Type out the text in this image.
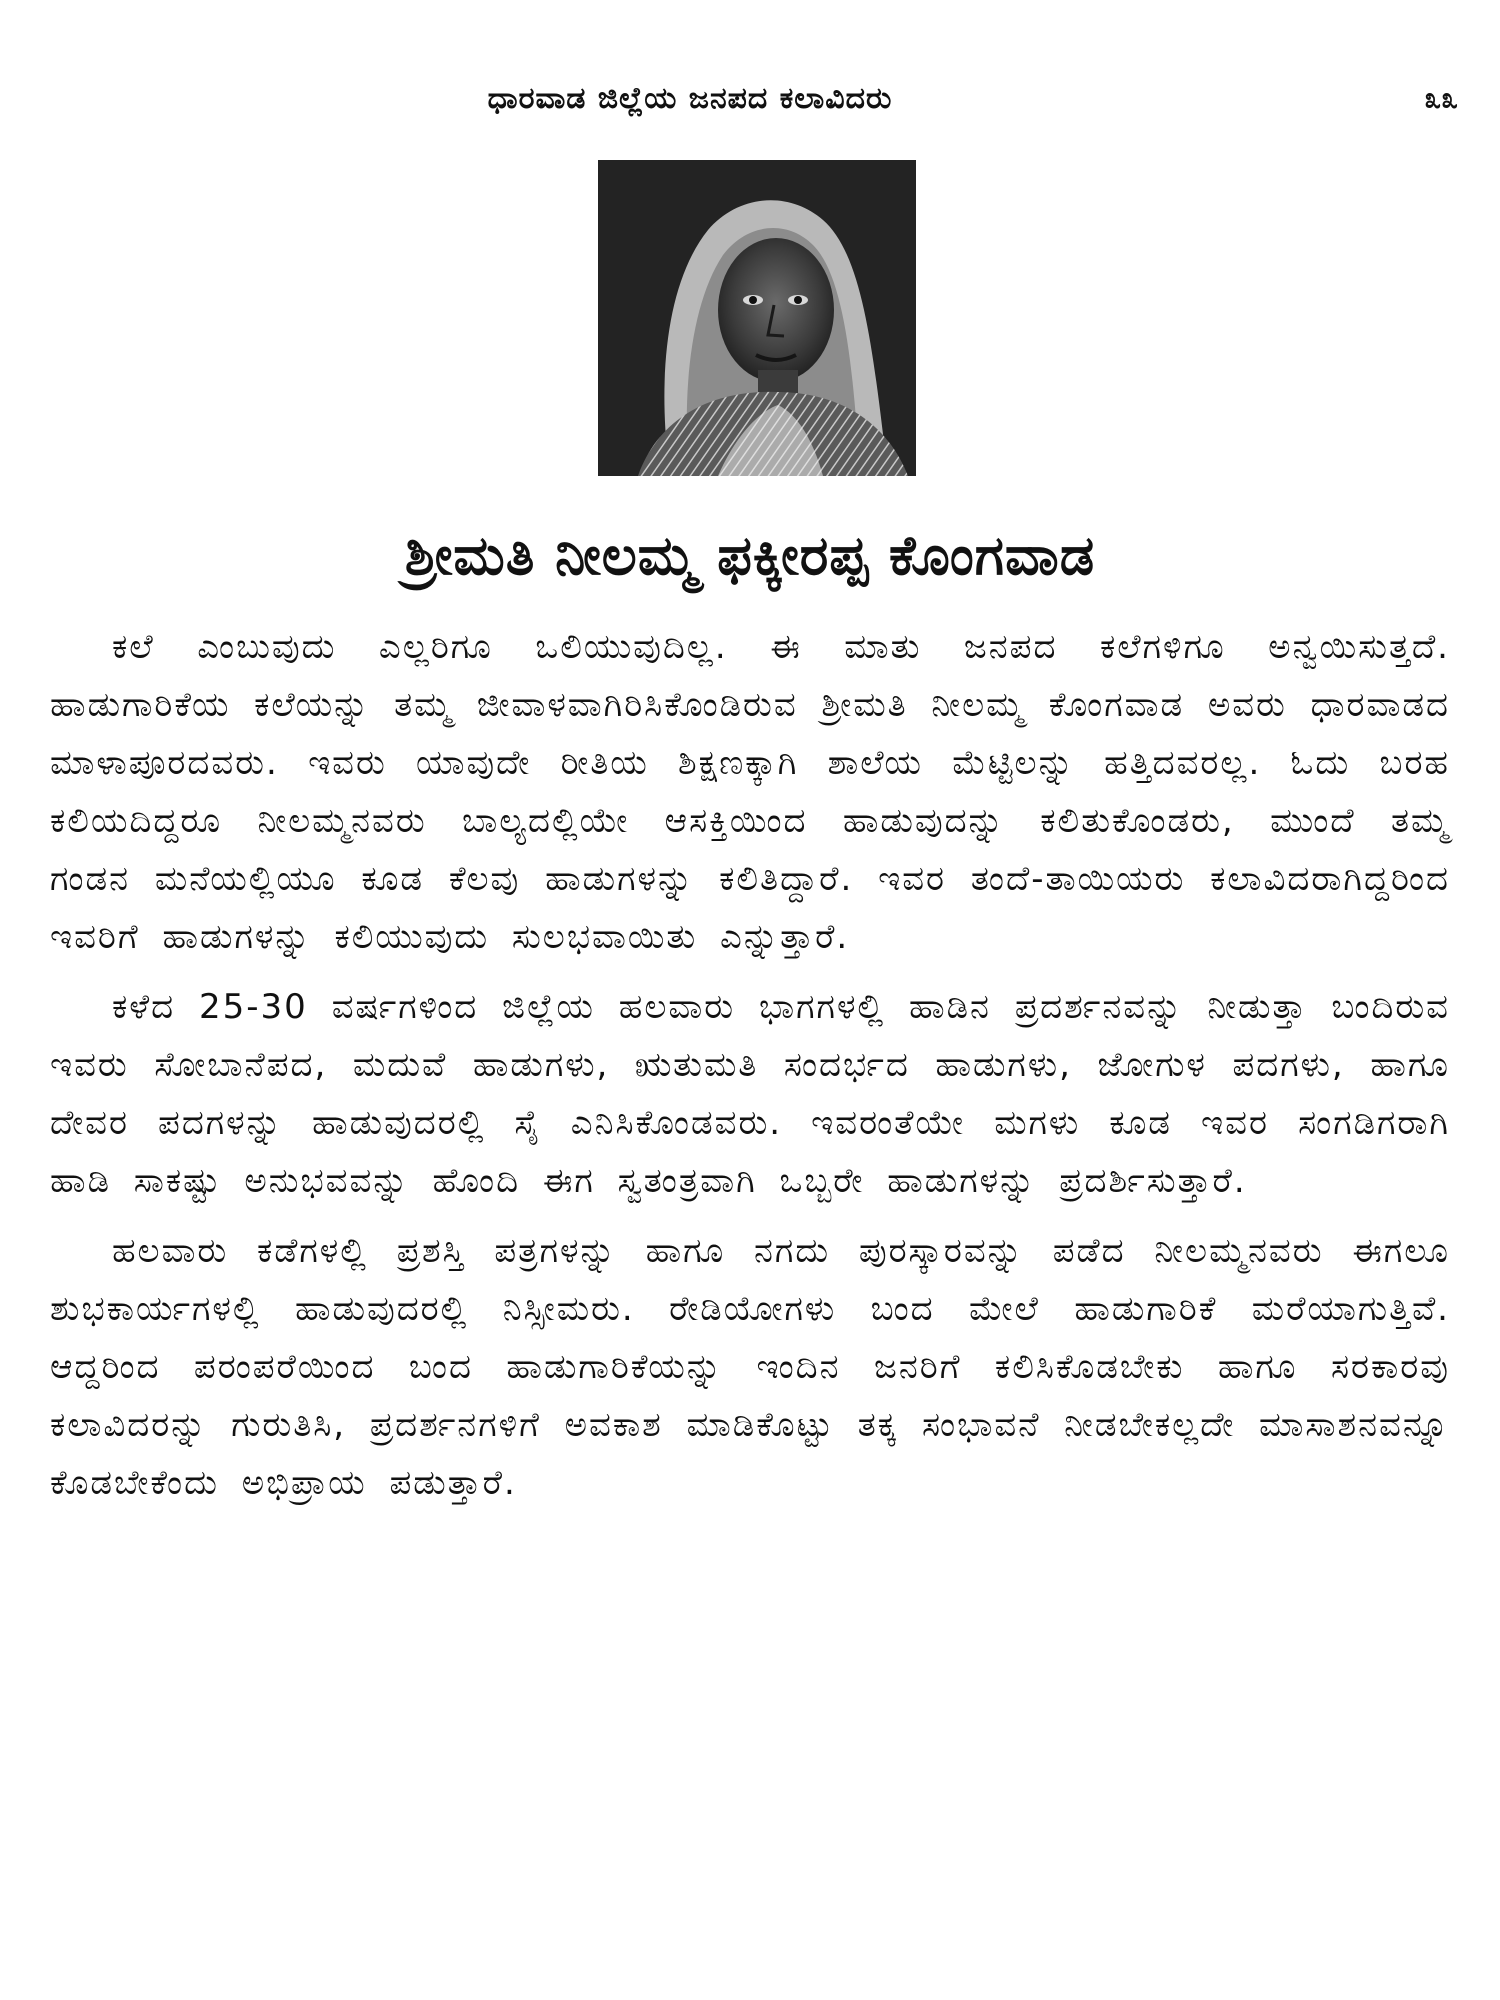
ಧಾರವಾಡ ಜಿಲ್ಲೆಯ ಜನಪದ ಕಲಾವಿದರು	೩೩
ಶ್ರೀಮತಿ ನೀಲಮ್ಮ ಫಕ್ಕೀರಪ್ಪ ಕೊಂಗವಾಡ

ಕಲೆ ಎಂಬುವುದು ಎಲ್ಲರಿಗೂ ಒಲಿಯುವುದಿಲ್ಲ. ಈ ಮಾತು ಜನಪದ ಕಲೆಗಳಿಗೂ ಅನ್ವಯಿಸುತ್ತದೆ. ಹಾಡುಗಾರಿಕೆಯ ಕಲೆಯನ್ನು ತಮ್ಮ ಜೀವಾಳವಾಗಿರಿಸಿಕೊಂಡಿರುವ ಶ್ರೀಮತಿ ನೀಲಮ್ಮ ಕೊಂಗವಾಡ ಅವರು ಧಾರವಾಡದ ಮಾಳಾಪೂರದವರು. ಇವರು ಯಾವುದೇ ರೀತಿಯ ಶಿಕ್ಷಣಕ್ಕಾಗಿ ಶಾಲೆಯ ಮೆಟ್ಟಿಲನ್ನು ಹತ್ತಿದವರಲ್ಲ. ಓದು ಬರಹ ಕಲಿಯದಿದ್ದರೂ ನೀಲಮ್ಮನವರು ಬಾಲ್ಯದಲ್ಲಿಯೇ ಆಸಕ್ತಿಯಿಂದ ಹಾಡುವುದನ್ನು ಕಲಿತುಕೊಂಡರು, ಮುಂದೆ ತಮ್ಮ ಗಂಡನ ಮನೆಯಲ್ಲಿಯೂ ಕೂಡ ಕೆಲವು ಹಾಡುಗಳನ್ನು ಕಲಿತಿದ್ದಾರೆ. ಇವರ ತಂದೆ-ತಾಯಿಯರು ಕಲಾವಿದರಾಗಿದ್ದರಿಂದ ಇವರಿಗೆ ಹಾಡುಗಳನ್ನು ಕಲಿಯುವುದು ಸುಲಭವಾಯಿತು ಎನ್ನುತ್ತಾರೆ.

ಕಳೆದ 25-30 ವರ್ಷಗಳಿಂದ ಜಿಲ್ಲೆಯ ಹಲವಾರು ಭಾಗಗಳಲ್ಲಿ ಹಾಡಿನ ಪ್ರದರ್ಶನವನ್ನು ನೀಡುತ್ತಾ ಬಂದಿರುವ ಇವರು ಸೋಬಾನೆಪದ, ಮದುವೆ ಹಾಡುಗಳು, ಋತುಮತಿ ಸಂದರ್ಭದ ಹಾಡುಗಳು, ಜೋಗುಳ ಪದಗಳು, ಹಾಗೂ ದೇವರ ಪದಗಳನ್ನು ಹಾಡುವುದರಲ್ಲಿ ಸೈ ಎನಿಸಿಕೊಂಡವರು. ಇವರಂತೆಯೇ ಮಗಳು ಕೂಡ ಇವರ ಸಂಗಡಿಗರಾಗಿ ಹಾಡಿ ಸಾಕಷ್ಟು ಅನುಭವವನ್ನು ಹೊಂದಿ ಈಗ ಸ್ವತಂತ್ರವಾಗಿ ಒಬ್ಬರೇ ಹಾಡುಗಳನ್ನು ಪ್ರದರ್ಶಿಸುತ್ತಾರೆ.

ಹಲವಾರು ಕಡೆಗಳಲ್ಲಿ ಪ್ರಶಸ್ತಿ ಪತ್ರಗಳನ್ನು ಹಾಗೂ ನಗದು ಪುರಸ್ಕಾರವನ್ನು ಪಡೆದ ನೀಲಮ್ಮನವರು ಈಗಲೂ ಶುಭಕಾರ್ಯಗಳಲ್ಲಿ ಹಾಡುವುದರಲ್ಲಿ ನಿಸ್ಸೀಮರು. ರೇಡಿಯೋಗಳು ಬಂದ ಮೇಲೆ ಹಾಡುಗಾರಿಕೆ ಮರೆಯಾಗುತ್ತಿವೆ. ಆದ್ದರಿಂದ ಪರಂಪರೆಯಿಂದ ಬಂದ ಹಾಡುಗಾರಿಕೆಯನ್ನು ಇಂದಿನ ಜನರಿಗೆ ಕಲಿಸಿಕೊಡಬೇಕು ಹಾಗೂ ಸರಕಾರವು ಕಲಾವಿದರನ್ನು ಗುರುತಿಸಿ, ಪ್ರದರ್ಶನಗಳಿಗೆ ಅವಕಾಶ ಮಾಡಿಕೊಟ್ಟು ತಕ್ಕ ಸಂಭಾವನೆ ನೀಡಬೇಕಲ್ಲದೇ ಮಾಸಾಶನವನ್ನೂ ಕೊಡಬೇಕೆಂದು ಅಭಿಪ್ರಾಯ ಪಡುತ್ತಾರೆ.
